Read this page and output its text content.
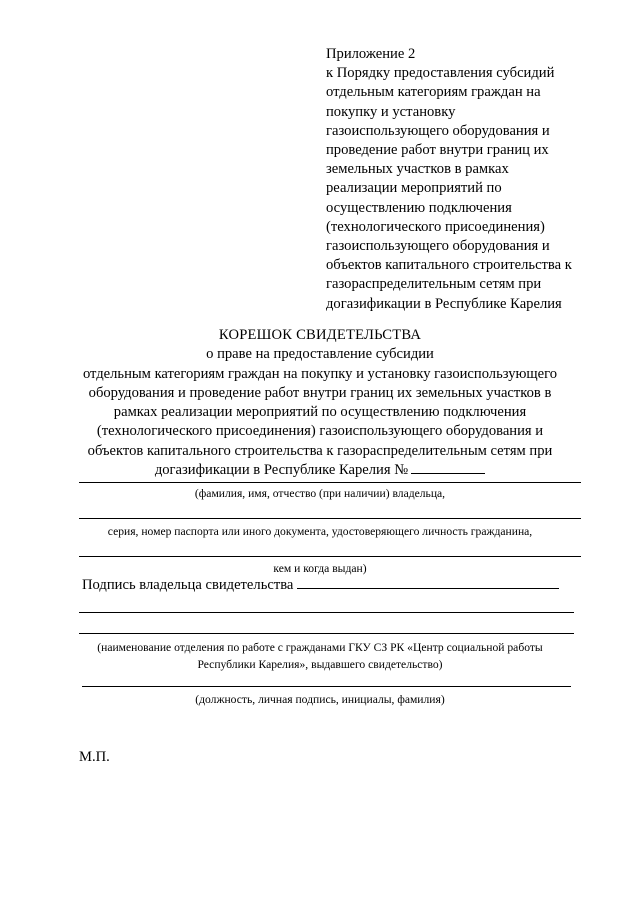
Приложение 2
к Порядку предоставления субсидий
отдельным категориям граждан на
покупку и установку
газоиспользующего оборудования и
проведение работ внутри границ их
земельных участков в рамках
реализации мероприятий по
осуществлению подключения
(технологического присоединения)
газоиспользующего оборудования и
объектов капитального строительства к
газораспределительным сетям при
догазификации в Республике Карелия
КОРЕШОК СВИДЕТЕЛЬСТВА
о праве на предоставление субсидии
отдельным категориям граждан на покупку и установку газоиспользующего
оборудования и проведение работ внутри границ их земельных участков в
рамках реализации мероприятий по осуществлению подключения
(технологического присоединения) газоиспользующего оборудования и
объектов капитального строительства к газораспределительным сетям при
догазификации в Республике Карелия №
(фамилия, имя, отчество (при наличии) владельца,
серия, номер паспорта или иного документа, удостоверяющего личность гражданина,
кем и когда выдан)
Подпись владельца свидетельства
(наименование отделения по работе с гражданами ГКУ СЗ РК «Центр социальной работы
Республики Карелия», выдавшего свидетельство)
(должность, личная подпись, инициалы, фамилия)
М.П.
